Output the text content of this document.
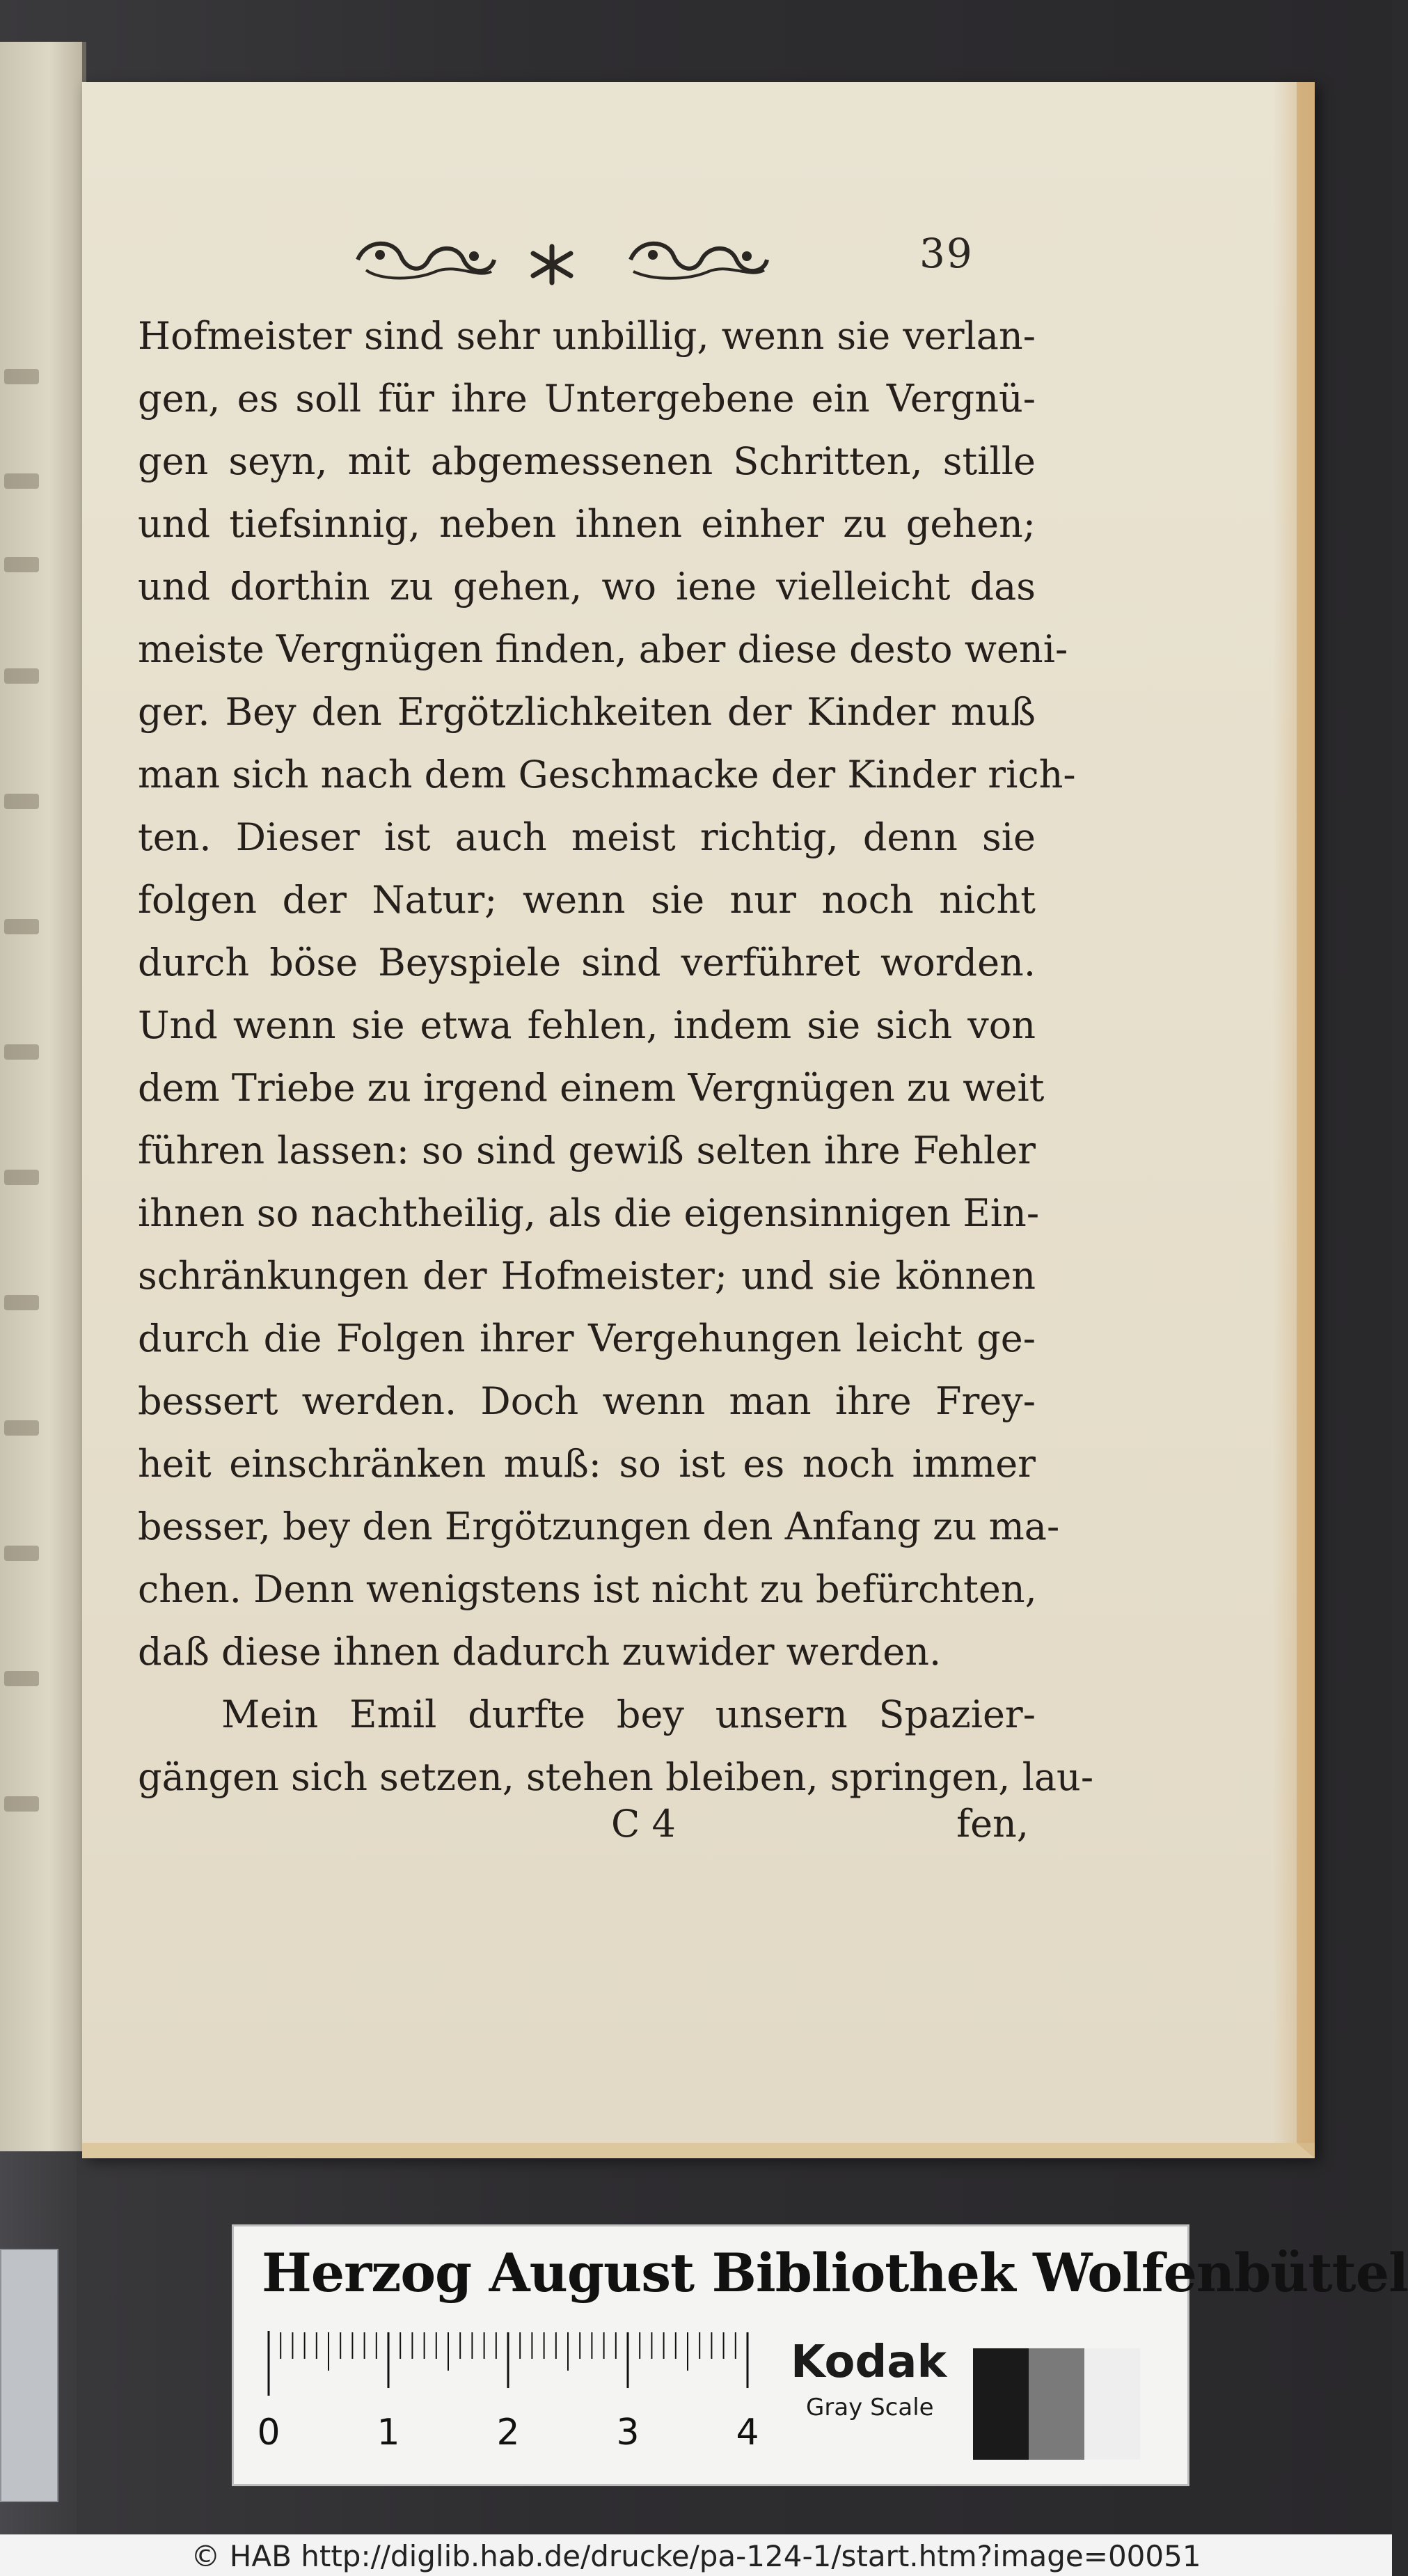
39
Hofmeister sind sehr unbillig, wenn sie verlan-
gen, es soll für ihre Untergebene ein Vergnü-
gen seyn, mit abgemessenen Schritten, stille
und tiefsinnig, neben ihnen einher zu gehen;
und dorthin zu gehen, wo iene vielleicht das
meiste Vergnügen finden, aber diese desto weni-
ger. Bey den Ergötzlichkeiten der Kinder muß
man sich nach dem Geschmacke der Kinder rich-
ten. Dieser ist auch meist richtig, denn sie
folgen der Natur; wenn sie nur noch nicht
durch böse Beyspiele sind verführet worden.
Und wenn sie etwa fehlen, indem sie sich von
dem Triebe zu irgend einem Vergnügen zu weit
führen lassen: so sind gewiß selten ihre Fehler
ihnen so nachtheilig, als die eigensinnigen Ein-
schränkungen der Hofmeister; und sie können
durch die Folgen ihrer Vergehungen leicht ge-
bessert werden. Doch wenn man ihre Frey-
heit einschränken muß: so ist es noch immer
besser, bey den Ergötzungen den Anfang zu ma-
chen. Denn wenigstens ist nicht zu befürchten,
daß diese ihnen dadurch zuwider werden.
Mein Emil durfte bey unsern Spazier-
gängen sich setzen, stehen bleiben, springen, lau-
C 4	fen,
Herzog August Bibliothek Wolfenbüttel
0	1	2	3	4
Kodak
Gray Scale
© HAB http://diglib.hab.de/drucke/pa-124-1/start.htm?image=00051
